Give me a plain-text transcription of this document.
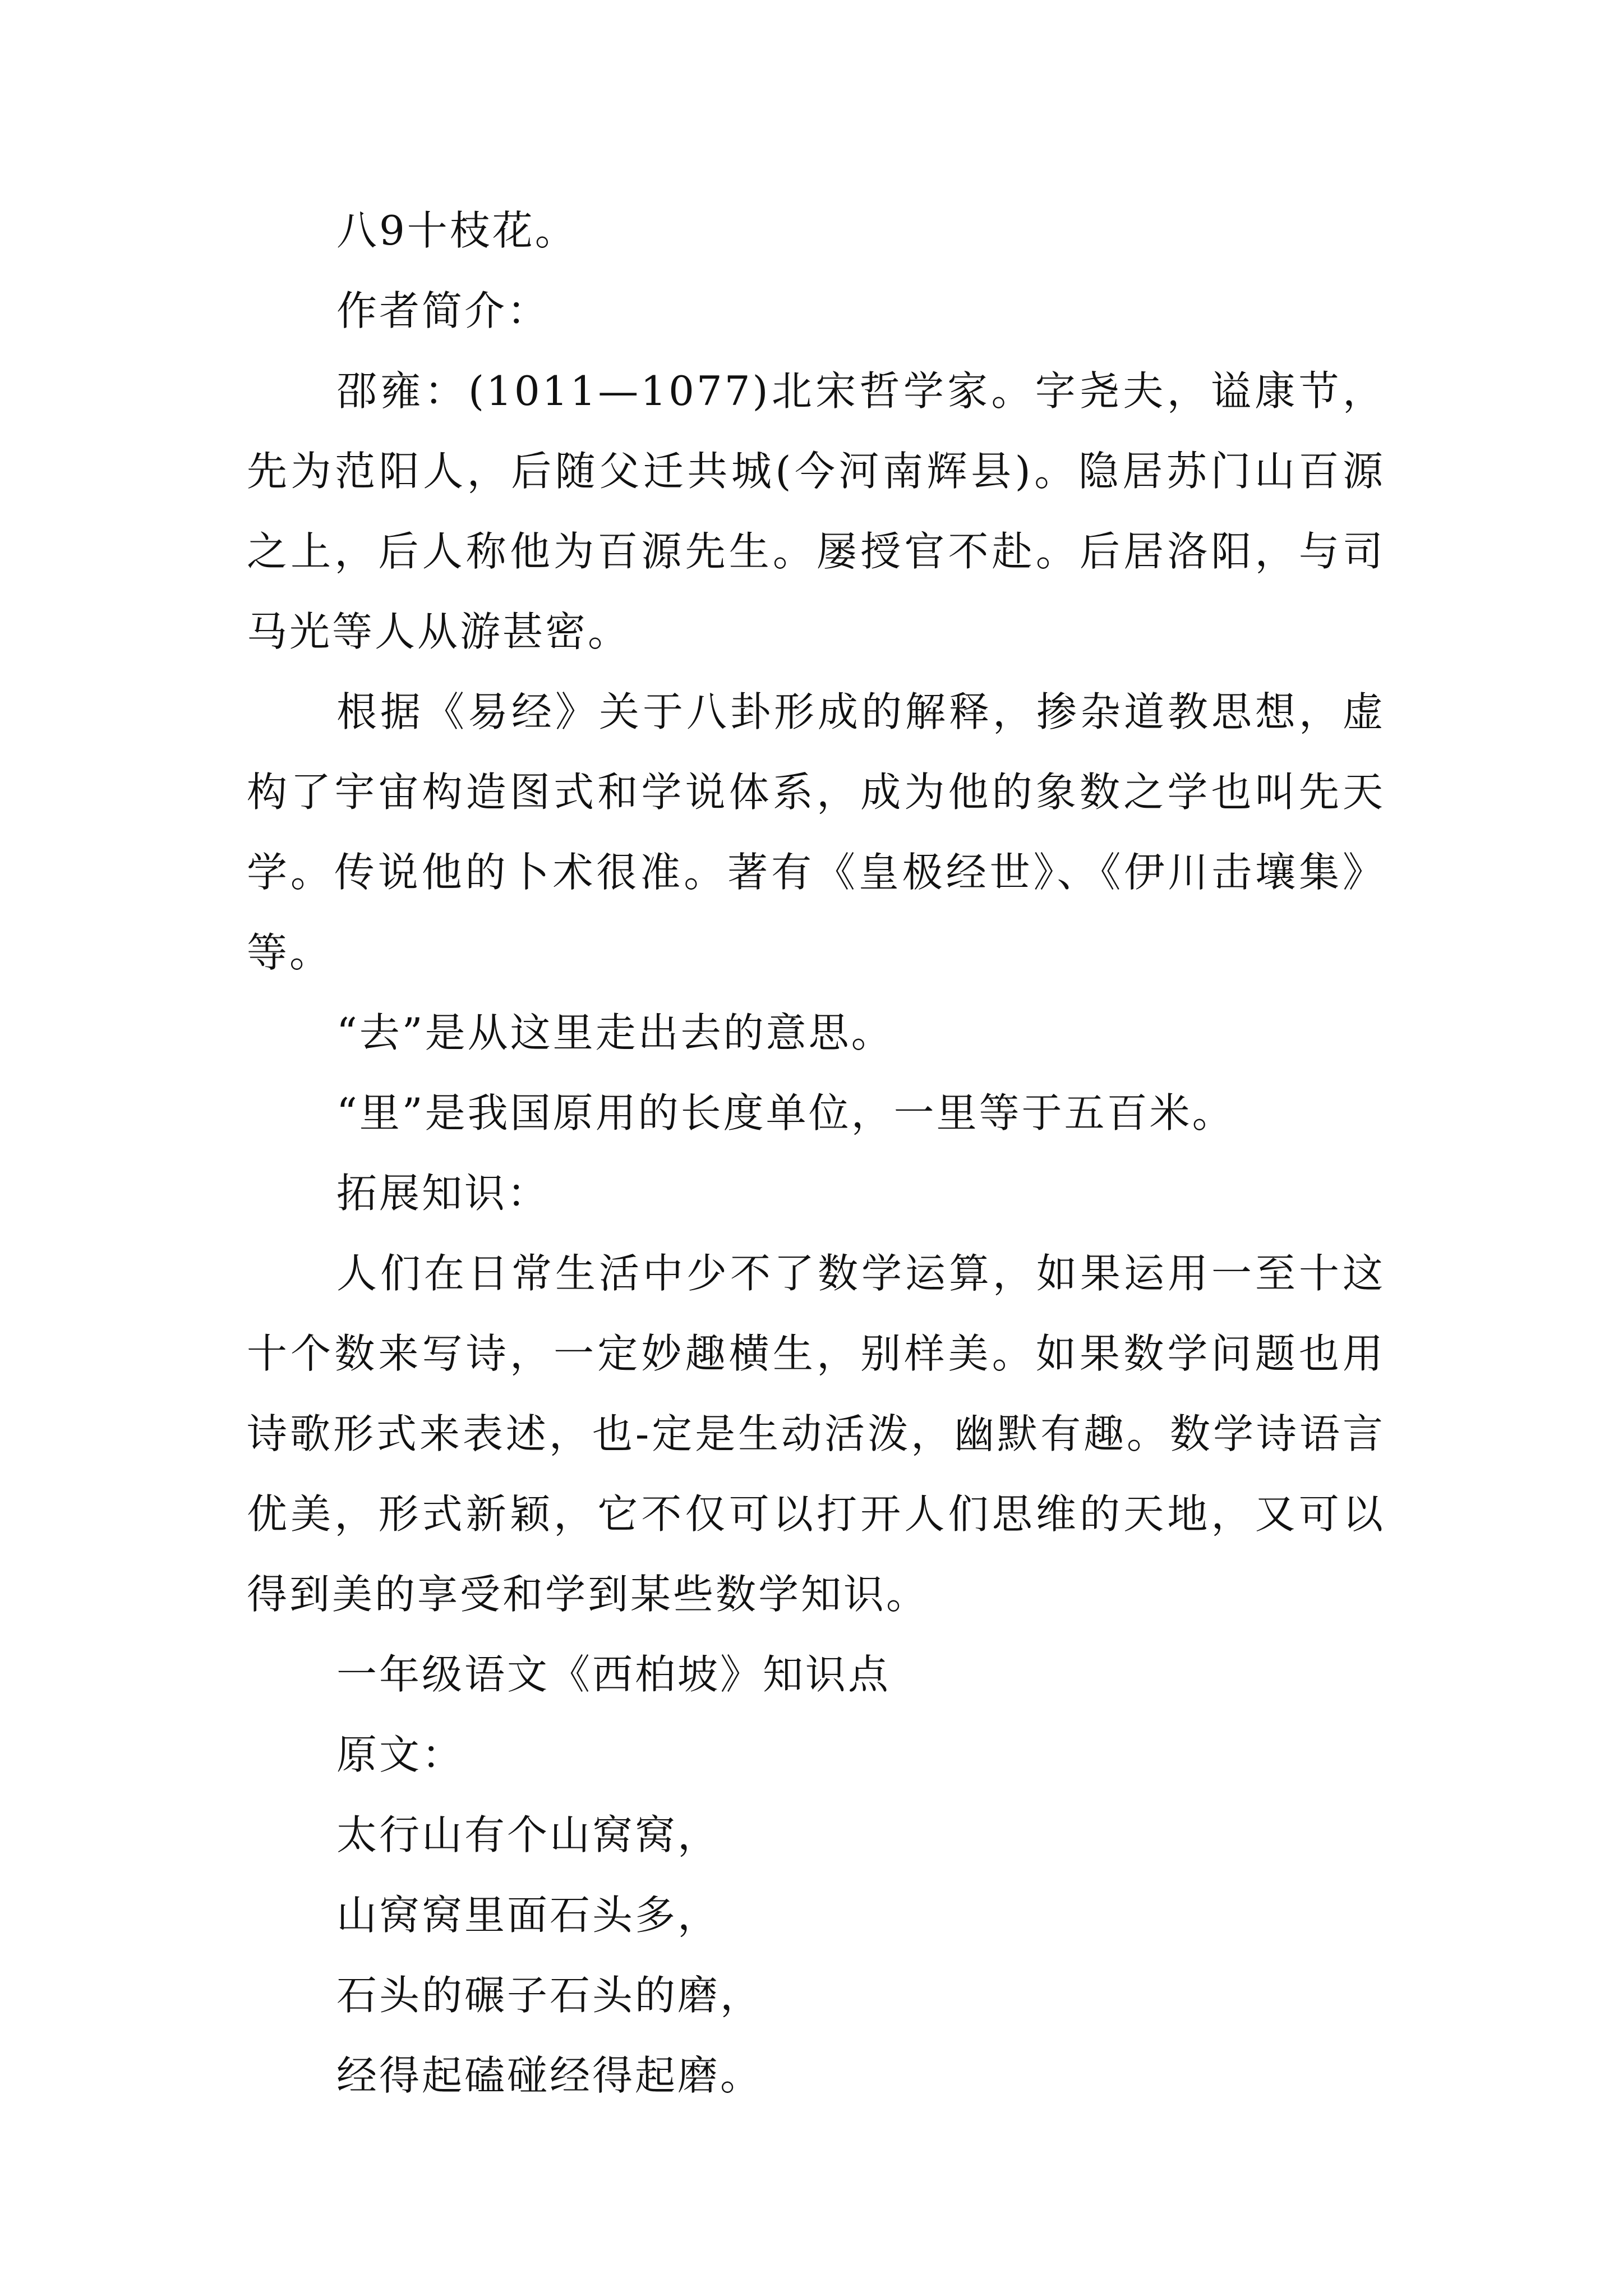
八9十枝花。

作者简介：

邵雍：(1011—1077)北宋哲学家。字尧夫，谥康节，先为范阳人，后随父迁共城(今河南辉县)。隐居苏门山百源之上，后人称他为百源先生。屡授官不赴。后居洛阳，与司马光等人从游甚密。

根据《易经》关于八卦形成的解释，掺杂道教思想，虚构了宇宙构造图式和学说体系，成为他的象数之学也叫先天学。传说他的卜术很准。著有《皇极经世》、《伊川击壤集》等。

“去”是从这里走出去的意思。

“里”是我国原用的长度单位，一里等于五百米。

拓展知识：

人们在日常生活中少不了数学运算，如果运用一至十这十个数来写诗，一定妙趣横生，别样美。如果数学问题也用诗歌形式来表述，也-定是生动活泼，幽默有趣。数学诗语言优美，形式新颖，它不仅可以打开人们思维的天地，又可以得到美的享受和学到某些数学知识。

一年级语文《西柏坡》知识点

原文：

太行山有个山窝窝，

山窝窝里面石头多，

石头的碾子石头的磨，

经得起磕碰经得起磨。
